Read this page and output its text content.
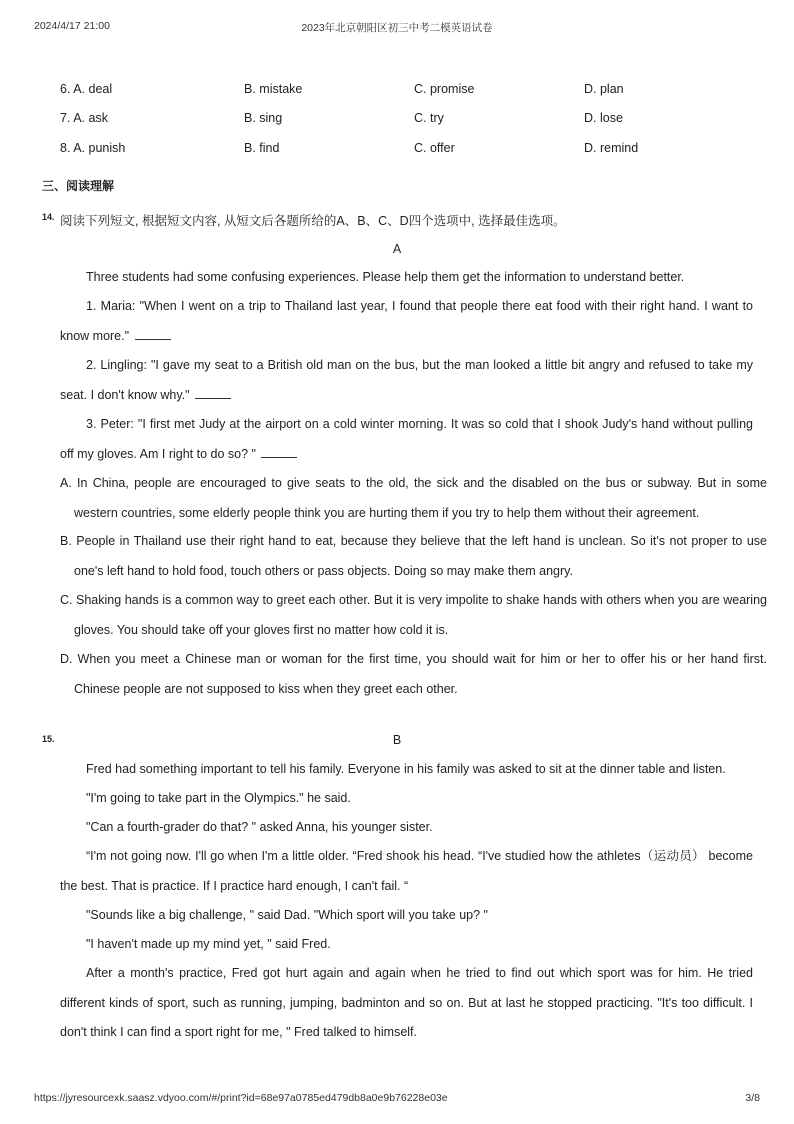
2024/4/17 21:00	2023年北京朝阳区初三中考二模英语试卷
6. A. deal	B. mistake	C. promise	D. plan
7. A. ask	B. sing	C. try	D. lose
8. A. punish	B. find	C. offer	D. remind
三、阅读理解
14. 阅读下列短文, 根据短文内容, 从短文后各题所给的A、B、C、D四个选项中, 选择最佳选项。
A
Three students had some confusing experiences. Please help them get the information to understand better.
1. Maria: "When I went on a trip to Thailand last year, I found that people there eat food with their right hand. I want to know more."
2. Lingling: "I gave my seat to a British old man on the bus, but the man looked a little bit angry and refused to take my seat. I don't know why."
3. Peter: "I first met Judy at the airport on a cold winter morning. It was so cold that I shook Judy's hand without pulling off my gloves. Am I right to do so? "
A. In China, people are encouraged to give seats to the old, the sick and the disabled on the bus or subway. But in some western countries, some elderly people think you are hurting them if you try to help them without their agreement.
B. People in Thailand use their right hand to eat, because they believe that the left hand is unclean. So it's not proper to use one's left hand to hold food, touch others or pass objects. Doing so may make them angry.
C. Shaking hands is a common way to greet each other. But it is very impolite to shake hands with others when you are wearing gloves. You should take off your gloves first no matter how cold it is.
D. When you meet a Chinese man or woman for the first time, you should wait for him or her to offer his or her hand first. Chinese people are not supposed to kiss when they greet each other.
15.	B
Fred had something important to tell his family. Everyone in his family was asked to sit at the dinner table and listen.
"I'm going to take part in the Olympics." he said.
"Can a fourth-grader do that? " asked Anna, his younger sister.
“I'm not going now. I'll go when I'm a little older. “Fred shook his head. “I've studied how the athletes（运动员） become the best. That is practice. If I practice hard enough, I can't fail. “
"Sounds like a big challenge, " said Dad. "Which sport will you take up? "
"I haven't made up my mind yet, " said Fred.
After a month's practice, Fred got hurt again and again when he tried to find out which sport was for him. He tried different kinds of sport, such as running, jumping, badminton and so on. But at last he stopped practicing. "It's too difficult. I don't think I can find a sport right for me, " Fred talked to himself.
https://jyresourcexk.saasz.vdyoo.com/#/print?id=68e97a0785ed479db8a0e9b76228e03e	3/8
